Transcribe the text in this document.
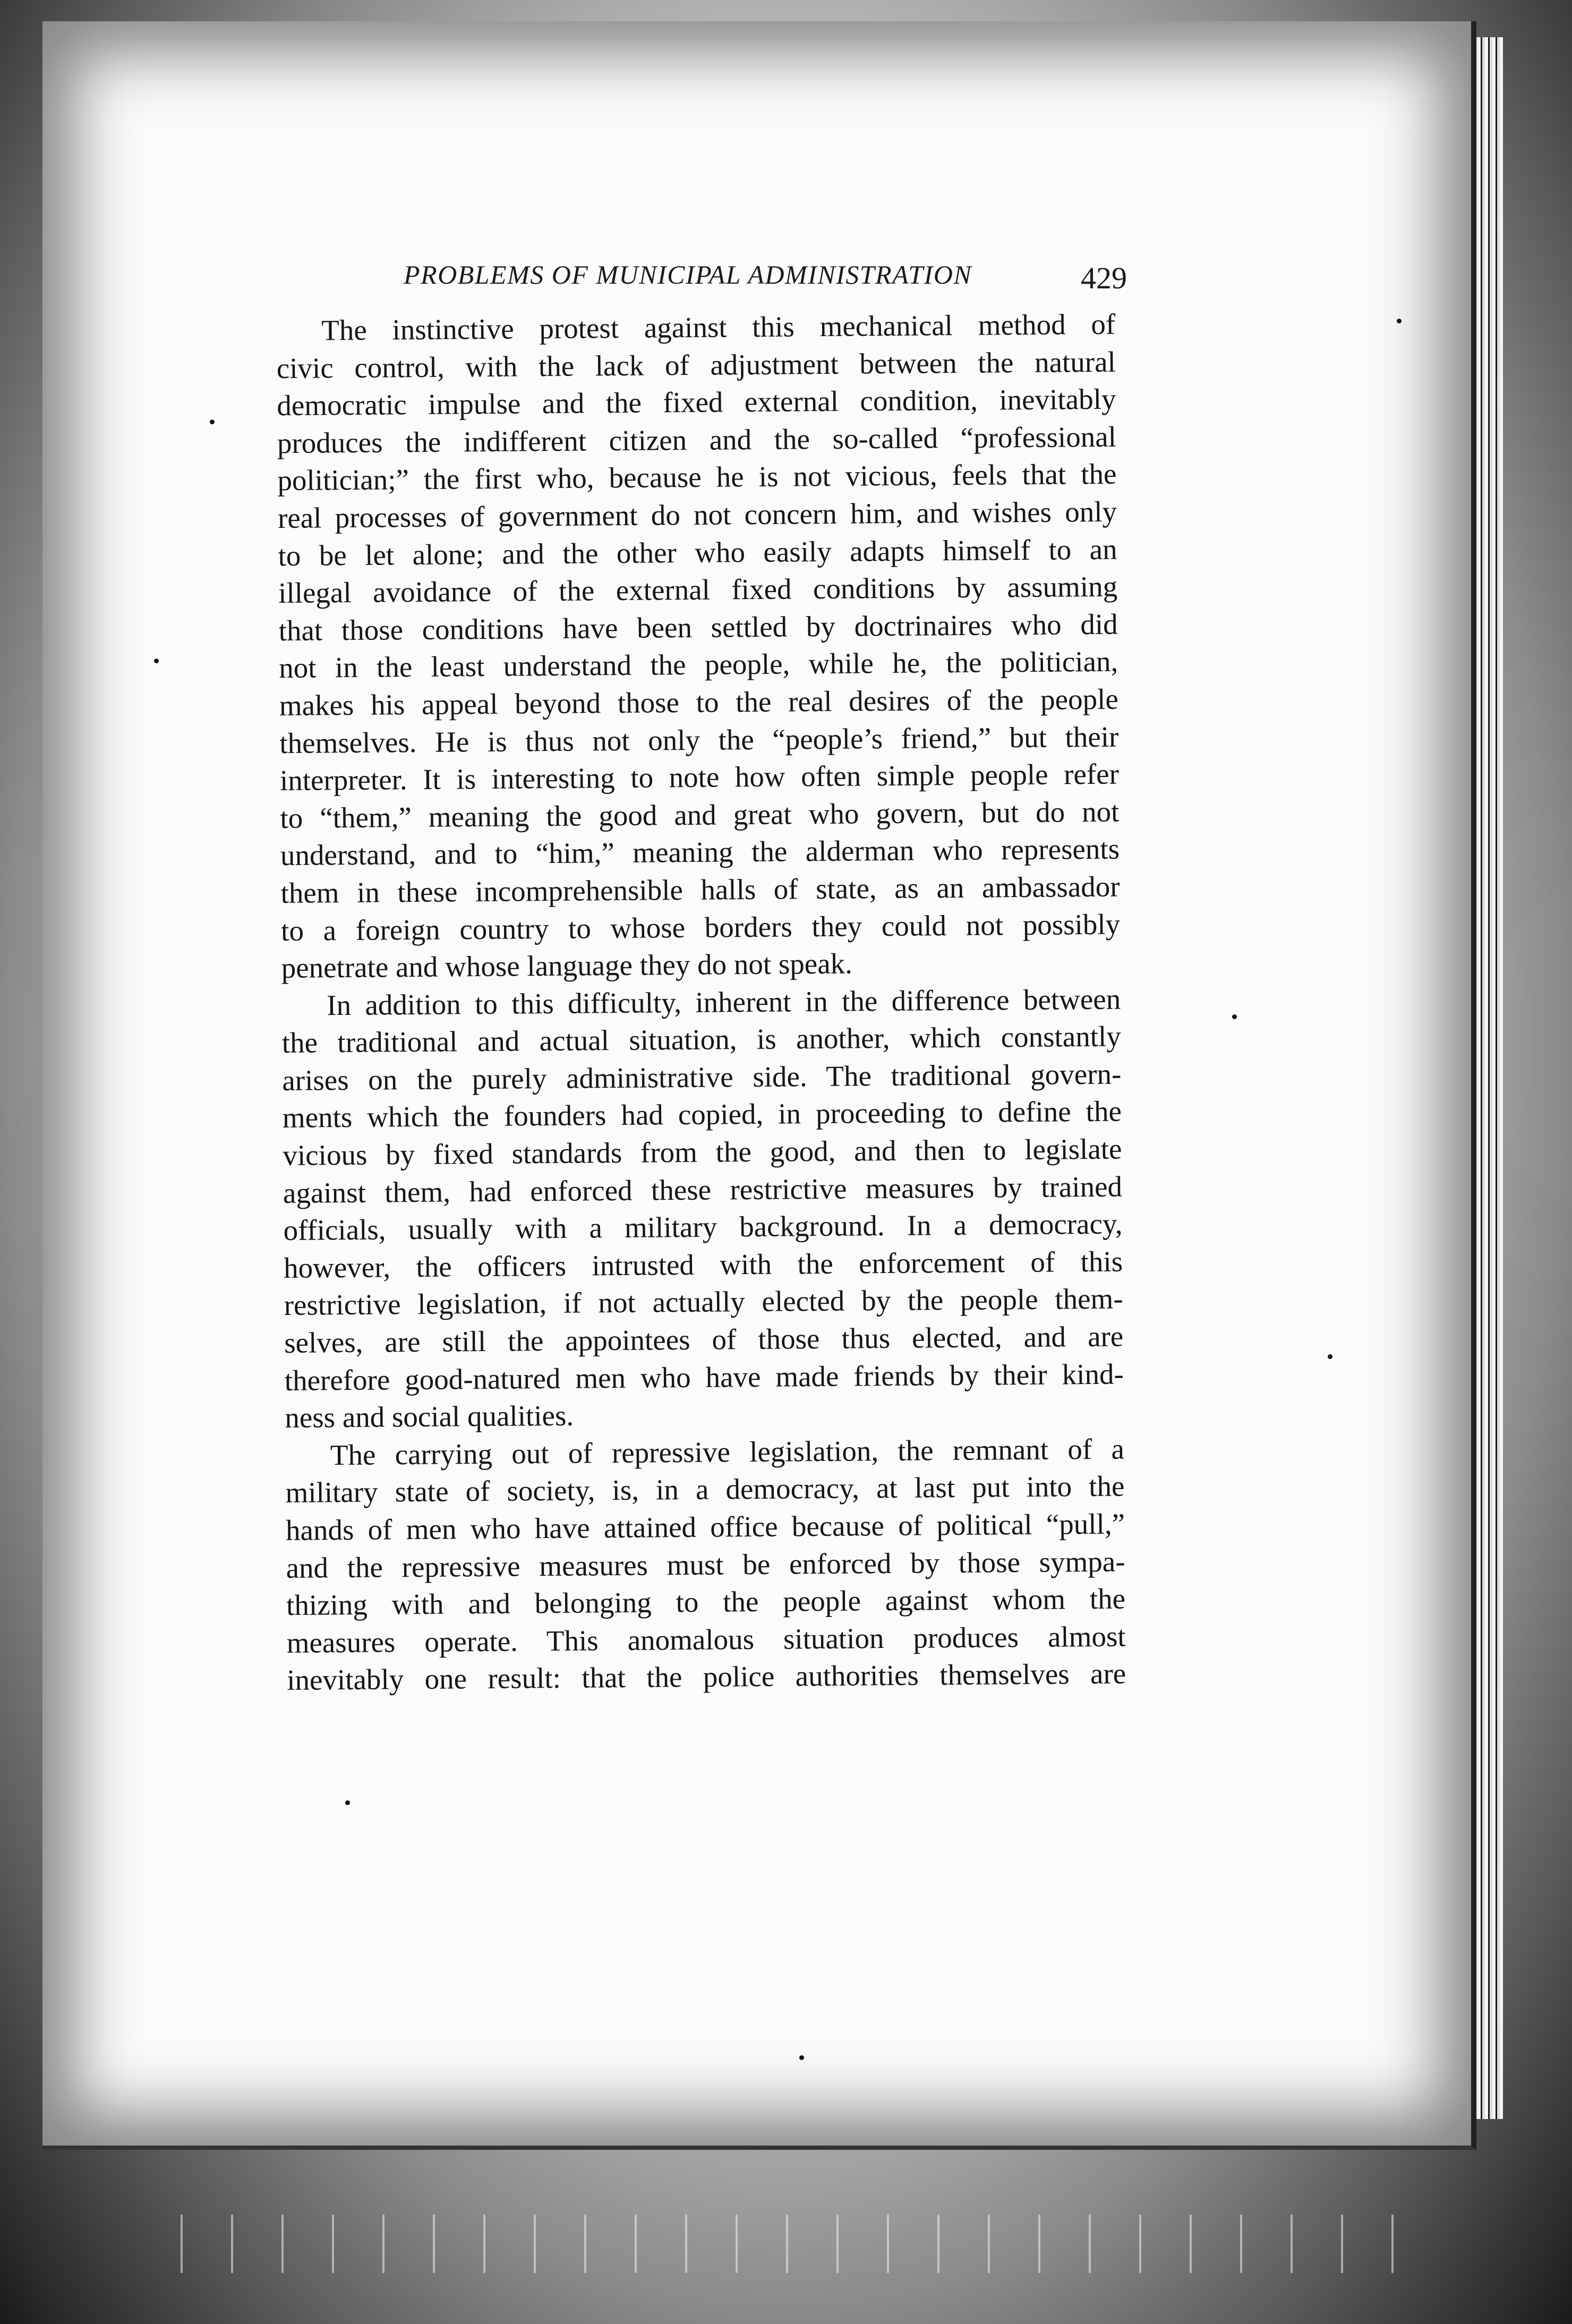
PROBLEMS OF MUNICIPAL ADMINISTRATION	429
The instinctive protest against this mechanical method of
civic control, with the lack of adjustment between the natural
democratic impulse and the fixed external condition, inevitably
produces the indifferent citizen and the so-called “professional
politician;” the first who, because he is not vicious, feels that the
real processes of government do not concern him, and wishes only
to be let alone; and the other who easily adapts himself to an
illegal avoidance of the external fixed conditions by assuming
that those conditions have been settled by doctrinaires who did
not in the least understand the people, while he, the politician,
makes his appeal beyond those to the real desires of the people
themselves. He is thus not only the “people’s friend,” but their
interpreter. It is interesting to note how often simple people refer
to “them,” meaning the good and great who govern, but do not
understand, and to “him,” meaning the alderman who represents
them in these incomprehensible halls of state, as an ambassador
to a foreign country to whose borders they could not possibly
penetrate and whose language they do not speak.
In addition to this difficulty, inherent in the difference between
the traditional and actual situation, is another, which constantly
arises on the purely administrative side. The traditional govern-
ments which the founders had copied, in proceeding to define the
vicious by fixed standards from the good, and then to legislate
against them, had enforced these restrictive measures by trained
officials, usually with a military background. In a democracy,
however, the officers intrusted with the enforcement of this
restrictive legislation, if not actually elected by the people them-
selves, are still the appointees of those thus elected, and are
therefore good-natured men who have made friends by their kind-
ness and social qualities.
The carrying out of repressive legislation, the remnant of a
military state of society, is, in a democracy, at last put into the
hands of men who have attained office because of political “pull,”
and the repressive measures must be enforced by those sympa-
thizing with and belonging to the people against whom the
measures operate. This anomalous situation produces almost
inevitably one result: that the police authorities themselves are
